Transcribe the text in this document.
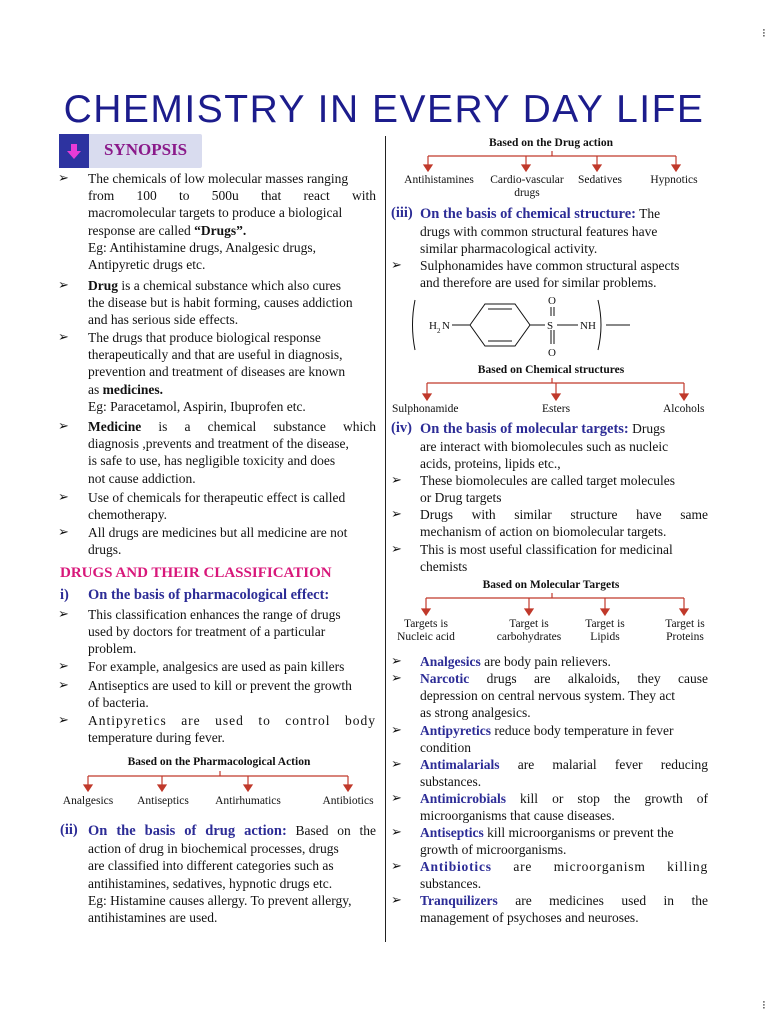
⁝
⁝
CHEMISTRY IN EVERY DAY LIFE
SYNOPSIS
➢ The chemicals of low molecular masses ranging
from 100 to 500u that react with
macromolecular targets to produce a biological
response are called “Drugs”.
Eg: Antihistamine drugs, Analgesic drugs,
Antipyretic drugs etc.
➢ Drug is a chemical substance which also cures
the disease but is habit forming, causes addiction
and has serious side effects.
➢ The drugs that produce biological response
therapeutically and that are useful in diagnosis,
prevention and treatment of diseases are known
as medicines.
Eg: Paracetamol, Aspirin, Ibuprofen etc.
➢ Medicine is a chemical substance which
diagnosis ,prevents and treatment of the disease,
is safe to use, has negligible toxicity and does
not cause addiction.
➢ Use of chemicals for therapeutic effect is called
chemotherapy.
➢ All drugs are medicines but all medicine are not
drugs.
DRUGS AND THEIR CLASSIFICATION
i) On the basis of pharmacological effect:
➢ This classification enhances the range of drugs
used by doctors for treatment of a particular
problem.
➢ For example, analgesics are used as pain killers
➢ Antiseptics are used to kill or prevent the growth
of bacteria.
➢ Antipyretics are used to control body
temperature during fever.
Based on the Pharmacological Action
Analgesics	Antiseptics	Antirhumatics	Antibiotics
(ii) On the basis of drug action: Based on the
action of drug in biochemical processes, drugs
are classified into different categories such as
antihistamines, sedatives, hypnotic drugs etc.
Eg: Histamine causes allergy. To prevent allergy,
antihistamines are used.
Based on the Drug action
Antihistamines	Cardio-vascular
drugs
Sedatives	Hypnotics
(iii) On the basis of chemical structure: The
drugs with common structural features have
similar pharmacological activity.
➢ Sulphonamides have common structural aspects
and therefore are used for similar problems.
H 2 N	S
O
O
NH
Based on Chemical structures
Sulphonamide	Esters	Alcohols
(iv) On the basis of molecular targets: Drugs
are interact with biomolecules such as nucleic
acids, proteins, lipids etc.,
➢ These biomolecules are called target molecules
or Drug targets
➢ Drugs with similar structure have same
mechanism of action on biomolecular targets.
➢ This is most useful classification for medicinal
chemists
Based on Molecular Targets
Targets is
Nucleic acid
Target is
carbohydrates
Target is
Lipids
Target is
Proteins
➢ Analgesics are body pain relievers.
➢ Narcotic drugs are alkaloids, they cause
depression on central nervous system. They act
as strong analgesics.
➢ Antipyretics reduce body temperature in fever
condition
➢ Antimalarials are malarial fever reducing
substances.
➢ Antimicrobials kill or stop the growth of
microorganisms that cause diseases.
➢ Antiseptics kill microorganisms or prevent the
growth of microorganisms.
➢ Antibiotics are microorganism killing
substances.
➢ Tranquilizers are medicines used in the
management of psychoses and neuroses.
